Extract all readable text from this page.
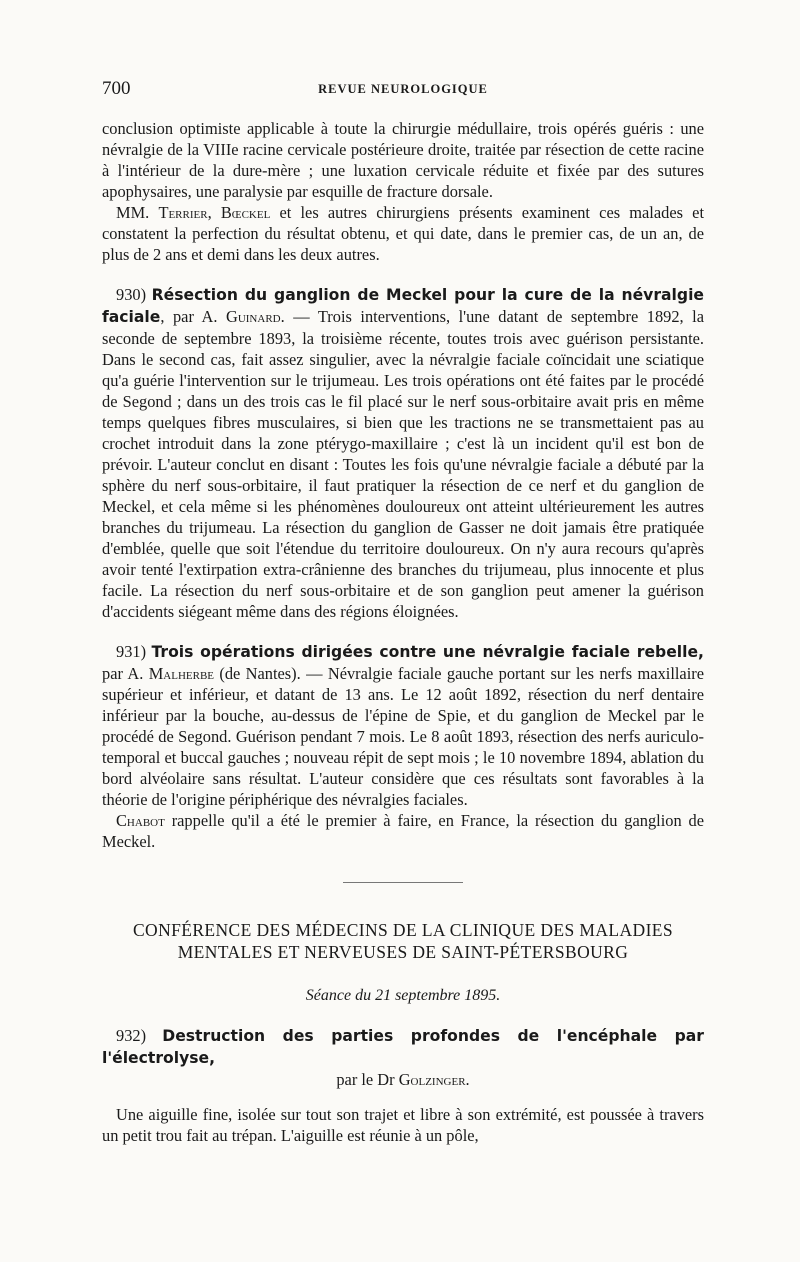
700	REVUE NEUROLOGIQUE

conclusion optimiste applicable à toute la chirurgie médullaire, trois opérés guéris : une névralgie de la VIIIe racine cervicale postérieure droite, traitée par résection de cette racine à l'intérieur de la dure-mère ; une luxation cervicale réduite et fixée par des sutures apophysaires, une paralysie par esquille de fracture dorsale.

MM. Terrier, Bœckel et les autres chirurgiens présents examinent ces malades et constatent la perfection du résultat obtenu, et qui date, dans le premier cas, de un an, de plus de 2 ans et demi dans les deux autres.

930) Résection du ganglion de Meckel pour la cure de la névralgie faciale, par A. Guinard. — Trois interventions, l'une datant de septembre 1892, la seconde de septembre 1893, la troisième récente, toutes trois avec guérison persistante. Dans le second cas, fait assez singulier, avec la névralgie faciale coïncidait une sciatique qu'a guérie l'intervention sur le trijumeau. Les trois opérations ont été faites par le procédé de Segond ; dans un des trois cas le fil placé sur le nerf sous-orbitaire avait pris en même temps quelques fibres musculaires, si bien que les tractions ne se transmettaient pas au crochet introduit dans la zone ptérygo-maxillaire ; c'est là un incident qu'il est bon de prévoir. L'auteur conclut en disant : Toutes les fois qu'une névralgie faciale a débuté par la sphère du nerf sous-orbitaire, il faut pratiquer la résection de ce nerf et du ganglion de Meckel, et cela même si les phénomènes douloureux ont atteint ultérieurement les autres branches du trijumeau. La résection du ganglion de Gasser ne doit jamais être pratiquée d'emblée, quelle que soit l'étendue du territoire douloureux. On n'y aura recours qu'après avoir tenté l'extirpation extra-crânienne des branches du trijumeau, plus innocente et plus facile. La résection du nerf sous-orbitaire et de son ganglion peut amener la guérison d'accidents siégeant même dans des régions éloignées.

931) Trois opérations dirigées contre une névralgie faciale rebelle, par A. Malherbe (de Nantes). — Névralgie faciale gauche portant sur les nerfs maxillaire supérieur et inférieur, et datant de 13 ans. Le 12 août 1892, résection du nerf dentaire inférieur par la bouche, au-dessus de l'épine de Spie, et du ganglion de Meckel par le procédé de Segond. Guérison pendant 7 mois. Le 8 août 1893, résection des nerfs auriculo-temporal et buccal gauches ; nouveau répit de sept mois ; le 10 novembre 1894, ablation du bord alvéolaire sans résultat. L'auteur considère que ces résultats sont favorables à la théorie de l'origine périphérique des névralgies faciales.

Chabot rappelle qu'il a été le premier à faire, en France, la résection du ganglion de Meckel.

CONFÉRENCE DES MÉDECINS DE LA CLINIQUE DES MALADIES
MENTALES ET NERVEUSES DE SAINT-PÉTERSBOURG
Séance du 21 septembre 1895.

932) Destruction des parties profondes de l'encéphale par l'électrolyse,

par le Dr Golzinger.

Une aiguille fine, isolée sur tout son trajet et libre à son extrémité, est poussée à travers un petit trou fait au trépan. L'aiguille est réunie à un pôle,
